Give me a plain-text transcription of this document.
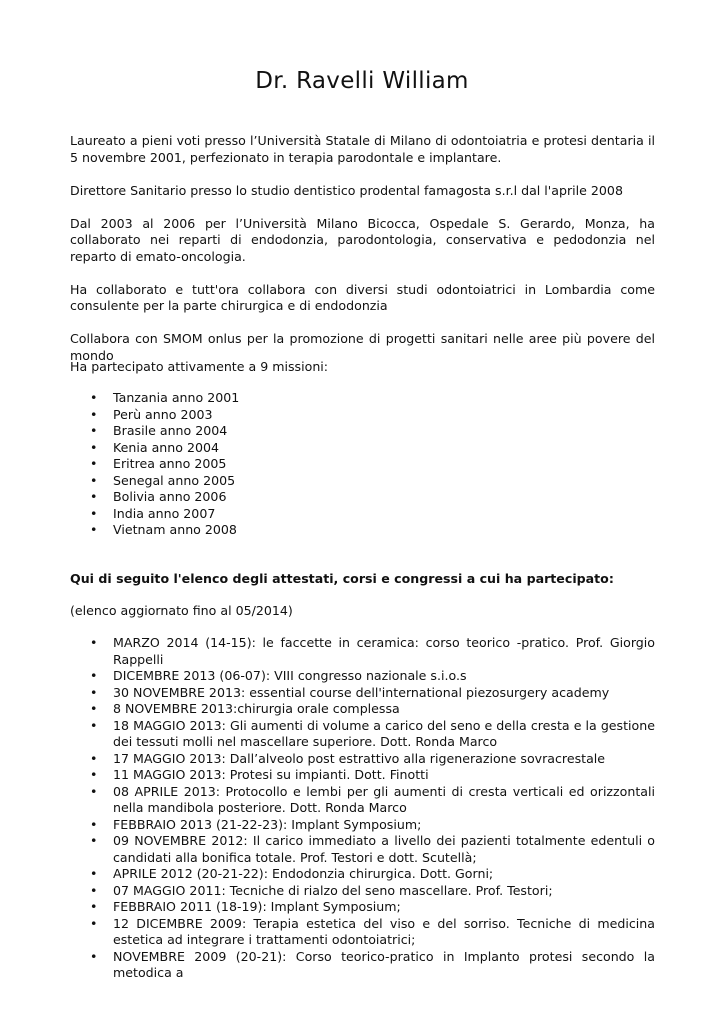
Dr. Ravelli William

Laureato a pieni voti presso l’Università Statale di Milano di odontoiatria e protesi dentaria il 5 novembre 2001, perfezionato in terapia parodontale e implantare.

Direttore Sanitario presso lo studio dentistico prodental famagosta s.r.l dal l'aprile 2008

Dal 2003 al 2006 per l’Università Milano Bicocca, Ospedale S. Gerardo, Monza, ha collaborato nei reparti di endodonzia, parodontologia, conservativa e pedodonzia nel reparto di emato-oncologia.

Ha collaborato e tutt'ora collabora con diversi studi odontoiatrici in Lombardia come consulente per la parte chirurgica e di endodonzia

Collabora con SMOM onlus per la promozione di progetti sanitari nelle aree più povere del mondo

Ha partecipato attivamente a 9 missioni:

• Tanzania anno 2001
• Perù anno 2003
• Brasile anno 2004
• Kenia anno 2004
• Eritrea anno 2005
• Senegal anno 2005
• Bolivia anno 2006
• India anno 2007
• Vietnam anno 2008

Qui di seguito l'elenco degli attestati, corsi e congressi a cui ha partecipato:

(elenco aggiornato fino al 05/2014)

• MARZO 2014 (14-15): le faccette in ceramica: corso teorico -pratico. Prof. Giorgio Rappelli
• DICEMBRE 2013 (06-07): VIII congresso nazionale s.i.o.s
• 30 NOVEMBRE 2013: essential course dell'international piezosurgery academy
• 8 NOVEMBRE 2013:chirurgia orale complessa
• 18 MAGGIO 2013: Gli aumenti di volume a carico del seno e della cresta e la gestione dei tessuti molli nel mascellare superiore. Dott. Ronda Marco
• 17 MAGGIO 2013: Dall’alveolo post estrattivo alla rigenerazione sovracrestale
• 11 MAGGIO 2013: Protesi su impianti. Dott. Finotti
• 08 APRILE 2013: Protocollo e lembi per gli aumenti di cresta verticali ed orizzontali nella mandibola posteriore. Dott. Ronda Marco
• FEBBRAIO 2013 (21-22-23): Implant Symposium;
• 09 NOVEMBRE 2012: Il carico immediato a livello dei pazienti totalmente edentuli o candidati alla bonifica totale. Prof. Testori e dott. Scutellà;
• APRILE 2012 (20-21-22): Endodonzia chirurgica. Dott. Gorni;
• 07 MAGGIO 2011: Tecniche di rialzo del seno mascellare. Prof. Testori;
• FEBBRAIO 2011 (18-19): Implant Symposium;
• 12 DICEMBRE 2009: Terapia estetica del viso e del sorriso. Tecniche di medicina estetica ad integrare i trattamenti odontoiatrici;
• NOVEMBRE 2009 (20-21): Corso teorico-pratico in Implanto protesi secondo la metodica a
